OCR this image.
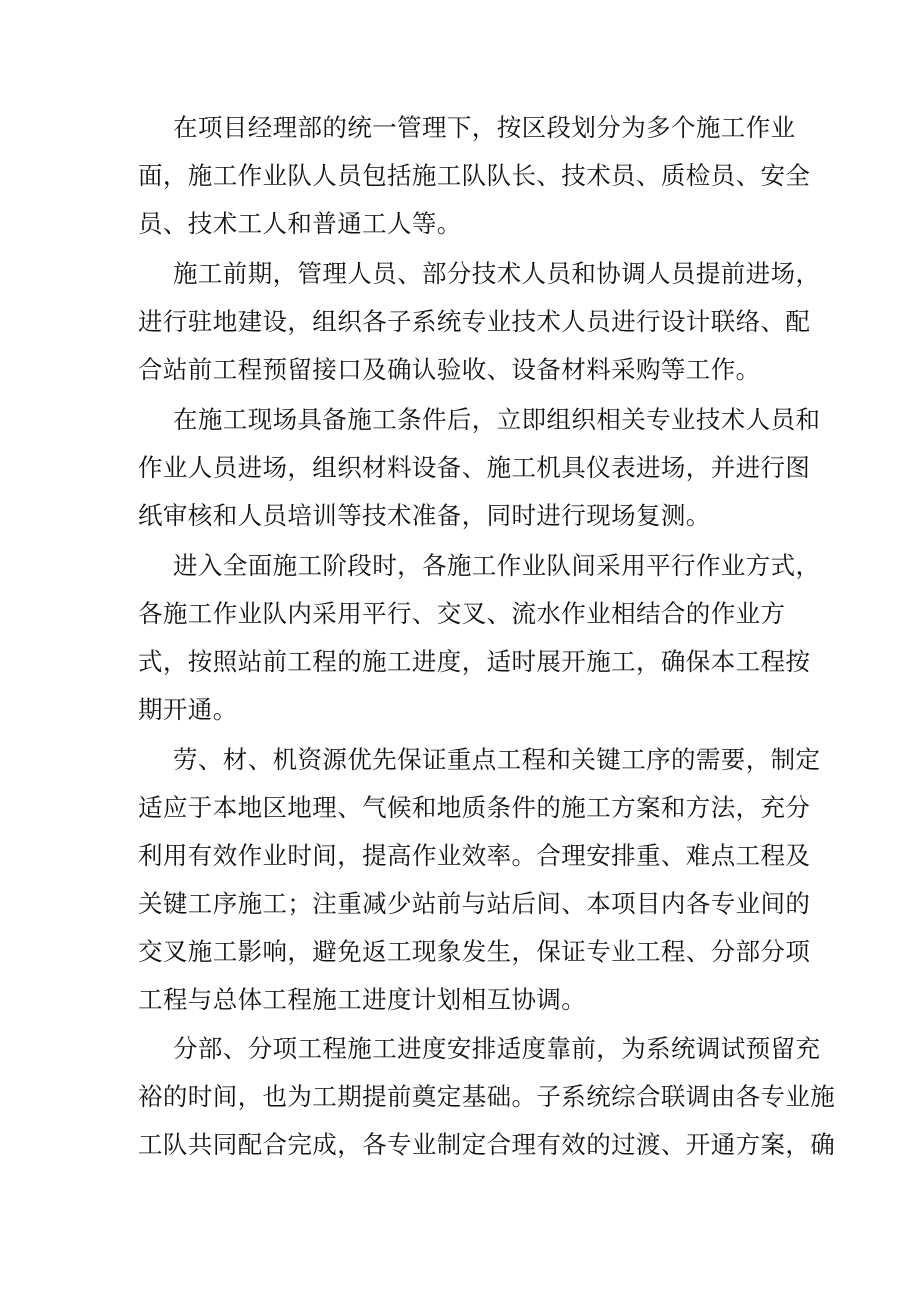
在项目经理部的统一管理下，按区段划分为多个施工作业
面，施工作业队人员包括施工队队长、技术员、质检员、安全
员、技术工人和普通工人等。
施工前期，管理人员、部分技术人员和协调人员提前进场，
进行驻地建设，组织各子系统专业技术人员进行设计联络、配
合站前工程预留接口及确认验收、设备材料采购等工作。
在施工现场具备施工条件后，立即组织相关专业技术人员和
作业人员进场，组织材料设备、施工机具仪表进场，并进行图
纸审核和人员培训等技术准备，同时进行现场复测。
进入全面施工阶段时，各施工作业队间采用平行作业方式，
各施工作业队内采用平行、交叉、流水作业相结合的作业方
式，按照站前工程的施工进度，适时展开施工，确保本工程按
期开通。
劳、材、机资源优先保证重点工程和关键工序的需要，制定
适应于本地区地理、气候和地质条件的施工方案和方法，充分
利用有效作业时间，提高作业效率。合理安排重、难点工程及
关键工序施工；注重减少站前与站后间、本项目内各专业间的
交叉施工影响，避免返工现象发生，保证专业工程、分部分项
工程与总体工程施工进度计划相互协调。
分部、分项工程施工进度安排适度靠前，为系统调试预留充
裕的时间，也为工期提前奠定基础。子系统综合联调由各专业施
工队共同配合完成，各专业制定合理有效的过渡、开通方案，确
